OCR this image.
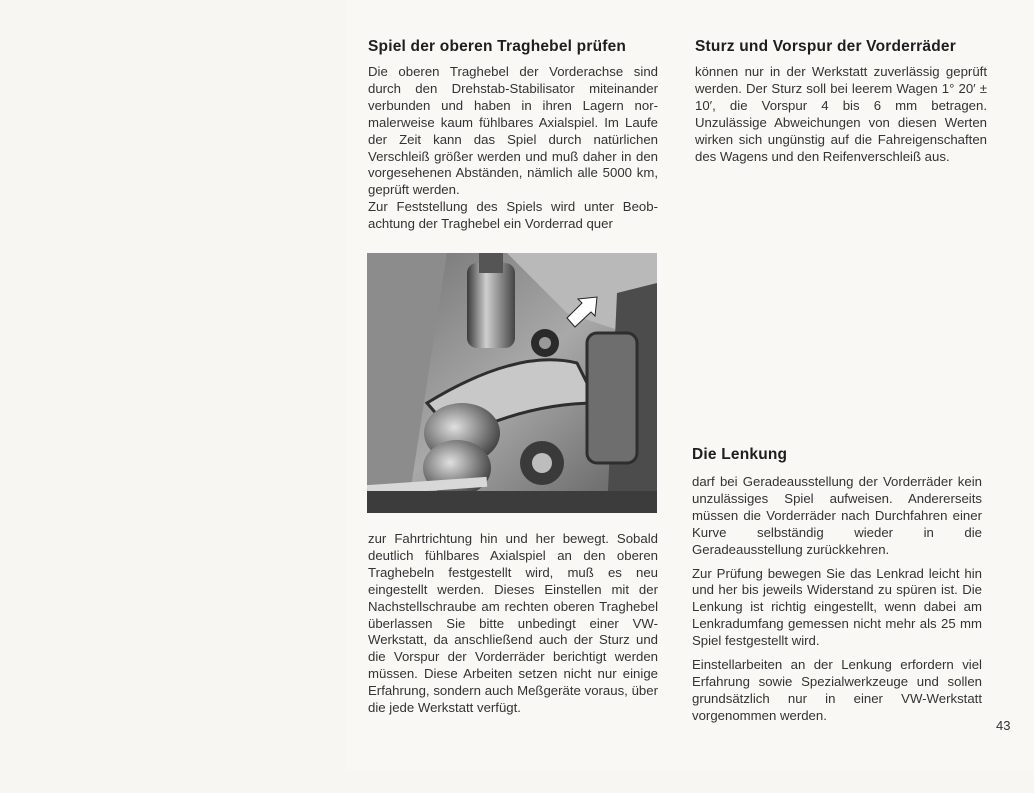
Spiel der oberen Traghebel prüfen

Die oberen Traghebel der Vorderachse sind durch den Drehstab-Stabilisator miteinander verbunden und haben in ihren Lagern normalerweise kaum fühlbares Axialspiel. Im Laufe der Zeit kann das Spiel durch natürlichen Verschleiß größer werden und muß daher in den vorgesehenen Abständen, nämlich alle 5000 km, geprüft werden.

Zur Feststellung des Spiels wird unter Beobachtung der Traghebel ein Vorderrad quer

zur Fahrtrichtung hin und her bewegt. Sobald deutlich fühlbares Axialspiel an den oberen Traghebeln festgestellt wird, muß es neu eingestellt werden. Dieses Einstellen mit der Nachstellschraube am rechten oberen Traghebel überlassen Sie bitte unbedingt einer VW-Werkstatt, da anschließend auch der Sturz und die Vorspur der Vorderräder berichtigt werden müssen. Diese Arbeiten setzen nicht nur einige Erfahrung, sondern auch Meßgeräte voraus, über die jede Werkstatt verfügt.

Sturz und Vorspur der Vorderräder

können nur in der Werkstatt zuverlässig geprüft werden. Der Sturz soll bei leerem Wagen 1° 20′ ± 10′, die Vorspur 4 bis 6 mm betragen. Unzulässige Abweichungen von diesen Werten wirken sich ungünstig auf die Fahreigenschaften des Wagens und den Reifenverschleiß aus.

Die Lenkung

darf bei Geradeausstellung der Vorderräder kein unzulässiges Spiel aufweisen. Andererseits müssen die Vorderräder nach Durchfahren einer Kurve selbständig wieder in die Geradeausstellung zurückkehren.

Zur Prüfung bewegen Sie das Lenkrad leicht hin und her bis jeweils Widerstand zu spüren ist. Die Lenkung ist richtig eingestellt, wenn dabei am Lenkradumfang gemessen nicht mehr als 25 mm Spiel festgestellt wird.

Einstellarbeiten an der Lenkung erfordern viel Erfahrung sowie Spezialwerkzeuge und sollen grundsätzlich nur in einer VW-Werkstatt vorgenommen werden.

43
